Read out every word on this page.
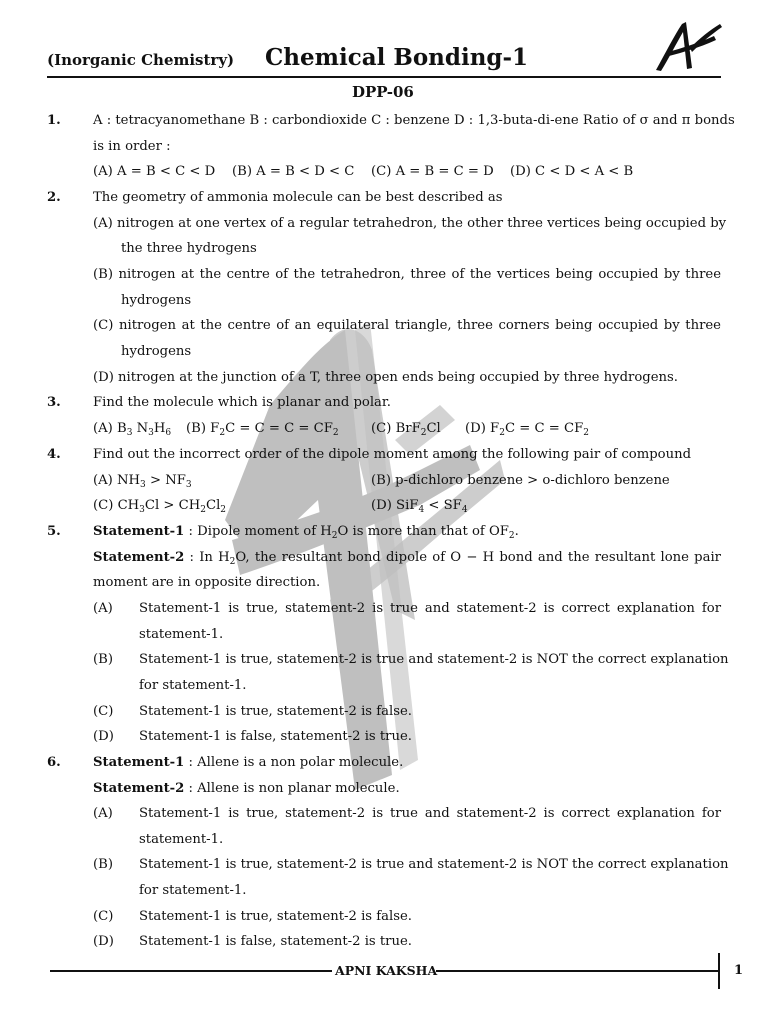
(Inorganic Chemistry) Chemical Bonding-1
DPP-06
1. A : tetracyanomethane B : carbondioxide C : benzene D : 1,3-buta-di-ene Ratio of σ and π bonds
is in order :
(A) A = B < C < D (B) A = B < D < C (C) A = B = C = D (D) C < D < A < B
2. The geometry of ammonia molecule can be best described as
(A) nitrogen at one vertex of a regular tetrahedron, the other three vertices being occupied by
the three hydrogens
(B) nitrogen at the centre of the tetrahedron, three of the vertices being occupied by three
hydrogens
(C) nitrogen at the centre of an equilateral triangle, three corners being occupied by three
hydrogens
(D) nitrogen at the junction of a T, three open ends being occupied by three hydrogens.
3. Find the molecule which is planar and polar.
(A) $B_3$ $N_3H_6$ (B) $F_2C = C = C = CF_2$ (C) BrF$_2$Cl (D) $F_2C = C = CF_2$
4. Find out the incorrect order of the dipole moment among the following pair of compound
(A) $NH_3 > NF_3$	(B) p-dichloro benzene > o-dichloro benzene
(C) $CH_3Cl > CH_2Cl_2$	(D) $SiF_4 < SF_4$
5. Statement-1 : Dipole moment of $H_2O$ is more than that of $OF_2$.
Statement-2 : In $H_2O$, the resultant bond dipole of O − H bond and the resultant lone pair
moment are in opposite direction.
(A) Statement-1 is true, statement-2 is true and statement-2 is correct explanation for
statement-1.
(B) Statement-1 is true, statement-2 is true and statement-2 is NOT the correct explanation
for statement-1.
(C) Statement-1 is true, statement-2 is false.
(D) Statement-1 is false, statement-2 is true.
6. Statement-1 : Allene is a non polar molecule.
Statement-2 : Allene is non planar molecule.
(A) Statement-1 is true, statement-2 is true and statement-2 is correct explanation for
statement-1.
(B) Statement-1 is true, statement-2 is true and statement-2 is NOT the correct explanation
for statement-1.
(C) Statement-1 is true, statement-2 is false.
(D) Statement-1 is false, statement-2 is true.
APNI KAKSHA	1
